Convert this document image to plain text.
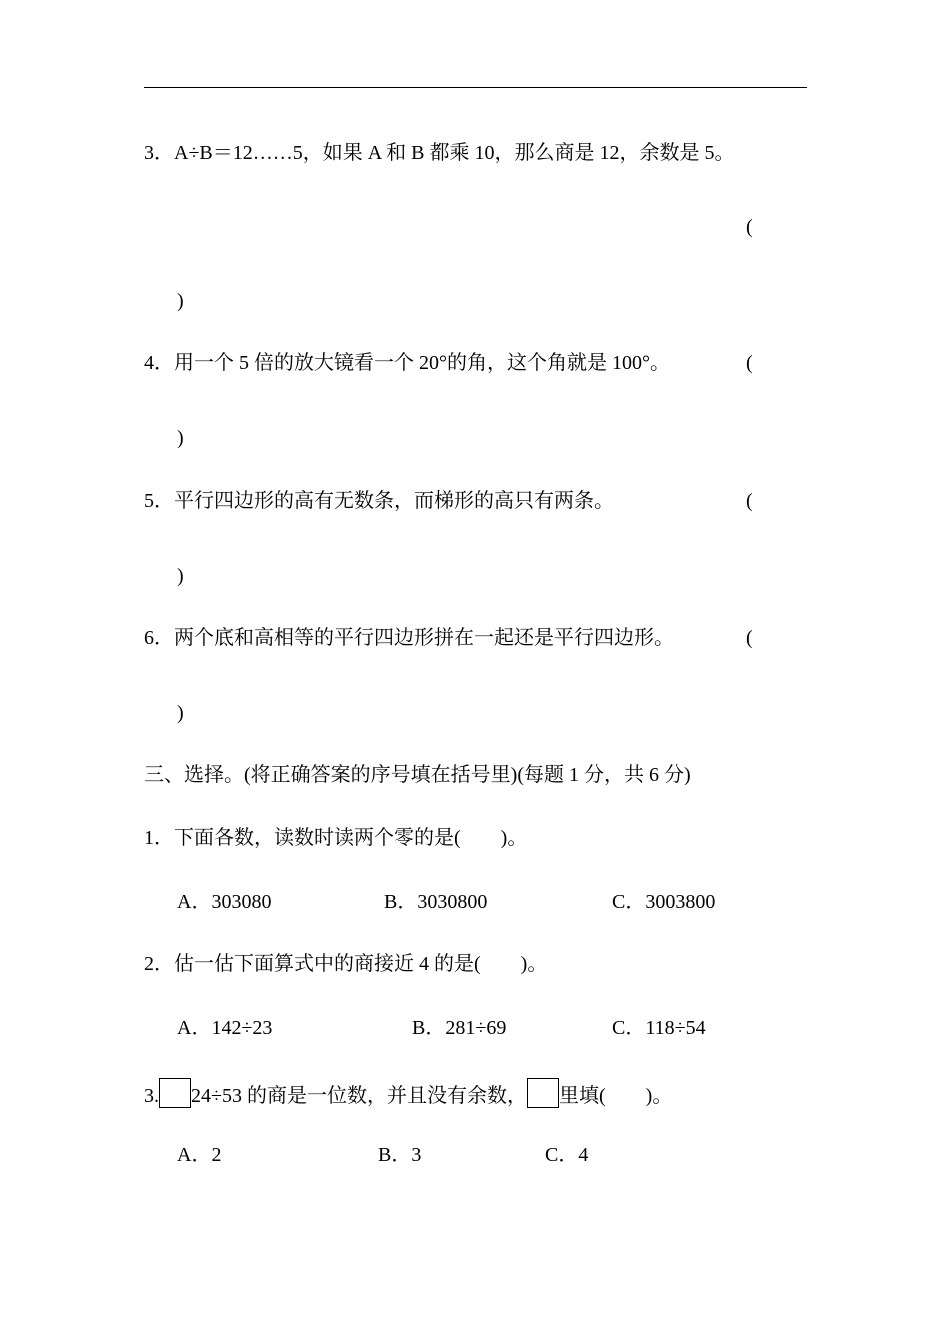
3．A÷B＝12……5，如果 A 和 B 都乘 10，那么商是 12，余数是 5。
(
)
4．用一个 5 倍的放大镜看一个 20°的角，这个角就是 100°。	(
)
5．平行四边形的高有无数条，而梯形的高只有两条。	(
)
6．两个底和高相等的平行四边形拼在一起还是平行四边形。	(
)
三、选择。(将正确答案的序号填在括号里)(每题 1 分，共 6 分)
1．下面各数，读数时读两个零的是( )。
A．303080	B．3030800	C．3003800
2．估一估下面算式中的商接近 4 的是( )。
A．142÷23	B．281÷69	C．118÷54
3. 24÷53 的商是一位数，并且没有余数， 里填( )。
A．2	B．3	C．4
